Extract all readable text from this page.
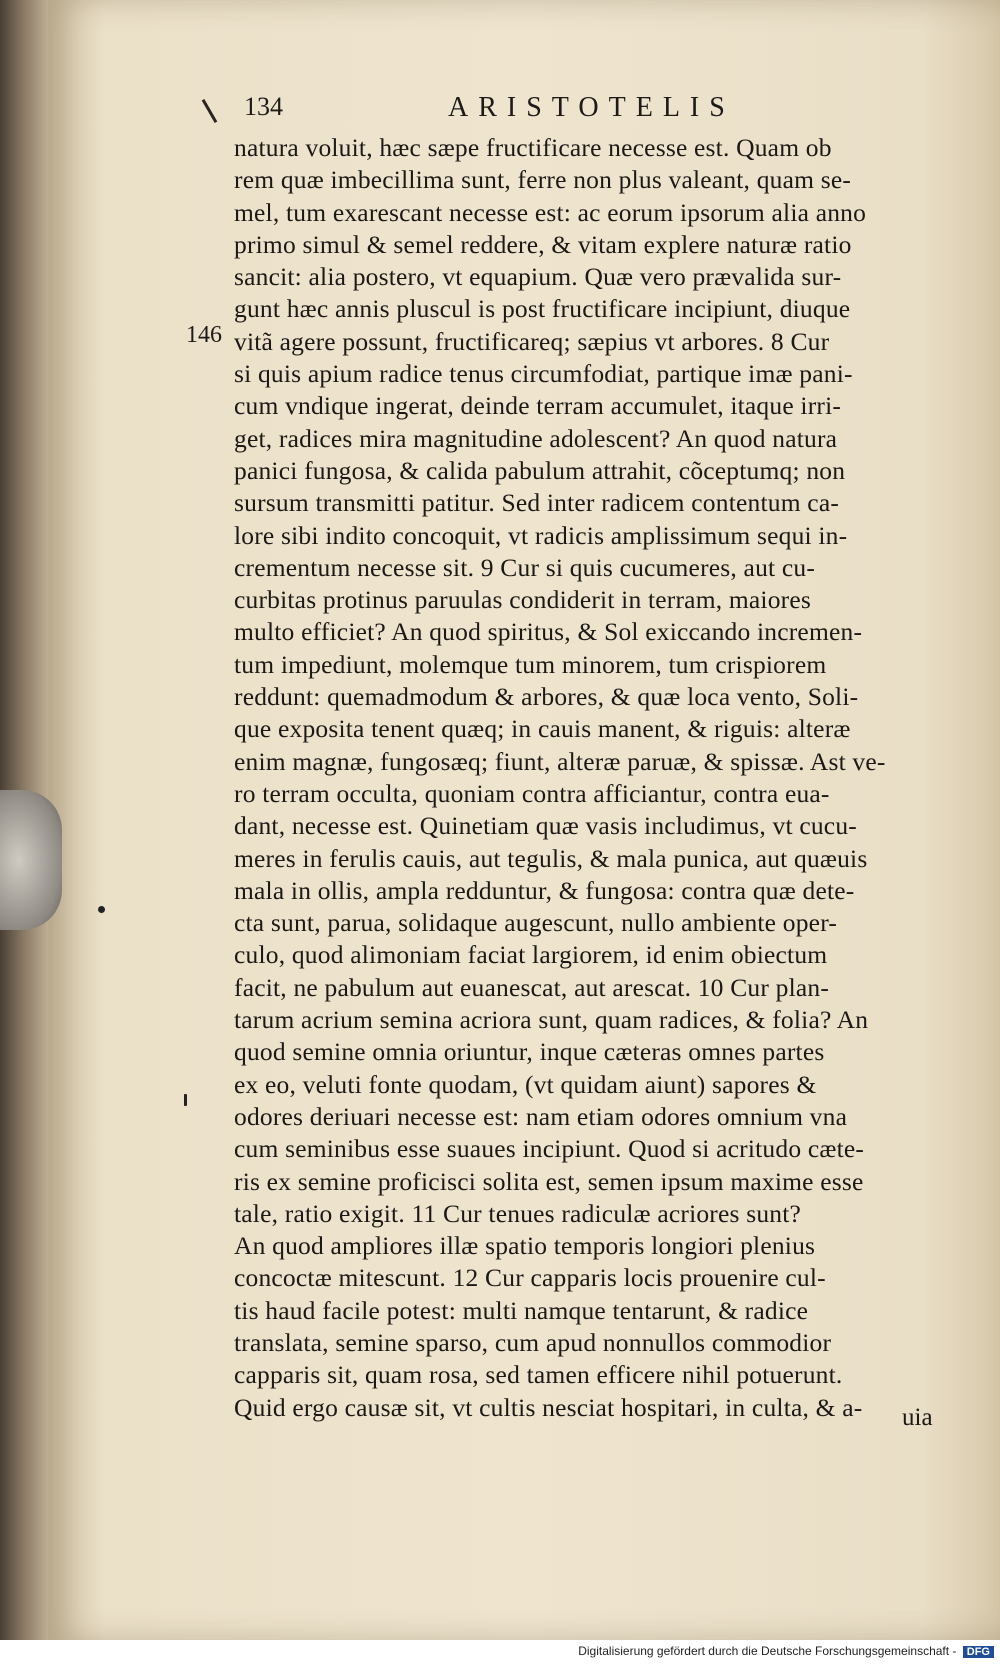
134	ARISTOTELIS
146
natura voluit, hæc sæpe fructificare necesse est. Quam ob
rem quæ imbecillima sunt, ferre non plus valeant, quam se-
mel, tum exarescant necesse est: ac eorum ipsorum alia anno
primo simul & semel reddere, & vitam explere naturæ ratio
sancit: alia postero, vt equapium. Quæ vero prævalida sur-
gunt hæc annis pluscul is post fructificare incipiunt, diuque
vitã agere possunt, fructificareq; sæpius vt arbores. 8 Cur
si quis apium radice tenus circumfodiat, partique imæ pani-
cum vndique ingerat, deinde terram accumulet, itaque irri-
get, radices mira magnitudine adolescent? An quod natura
panici fungosa, & calida pabulum attrahit, cõceptumq; non
sursum transmitti patitur. Sed inter radicem contentum ca-
lore sibi indito concoquit, vt radicis amplissimum sequi in-
crementum necesse sit. 9 Cur si quis cucumeres, aut cu-
curbitas protinus paruulas condiderit in terram, maiores
multo efficiet? An quod spiritus, & Sol exiccando incremen-
tum impediunt, molemque tum minorem, tum crispiorem
reddunt: quemadmodum & arbores, & quæ loca vento, Soli-
que exposita tenent quæq; in cauis manent, & riguis: alteræ
enim magnæ, fungosæq; fiunt, alteræ paruæ, & spissæ. Ast ve-
ro terram occulta, quoniam contra afficiantur, contra eua-
dant, necesse est. Quinetiam quæ vasis includimus, vt cucu-
meres in ferulis cauis, aut tegulis, & mala punica, aut quæuis
mala in ollis, ampla redduntur, & fungosa: contra quæ dete-
cta sunt, parua, solidaque augescunt, nullo ambiente oper-
culo, quod alimoniam faciat largiorem, id enim obiectum
facit, ne pabulum aut euanescat, aut arescat. 10 Cur plan-
tarum acrium semina acriora sunt, quam radices, & folia? An
quod semine omnia oriuntur, inque cæteras omnes partes
ex eo, veluti fonte quodam, (vt quidam aiunt) sapores &
odores deriuari necesse est: nam etiam odores omnium vna
cum seminibus esse suaues incipiunt. Quod si acritudo cæte-
ris ex semine proficisci solita est, semen ipsum maxime esse
tale, ratio exigit. 11 Cur tenues radiculæ acriores sunt?
An quod ampliores illæ spatio temporis longiori plenius
concoctæ mitescunt. 12 Cur capparis locis prouenire cul-
tis haud facile potest: multi namque tentarunt, & radice
translata, semine sparso, cum apud nonnullos commodior
capparis sit, quam rosa, sed tamen efficere nihil potuerunt.
Quid ergo causæ sit, vt cultis nesciat hospitari, in culta, & a-	uia
Digitalisierung gefördert durch die Deutsche Forschungsgemeinschaft - DFG
